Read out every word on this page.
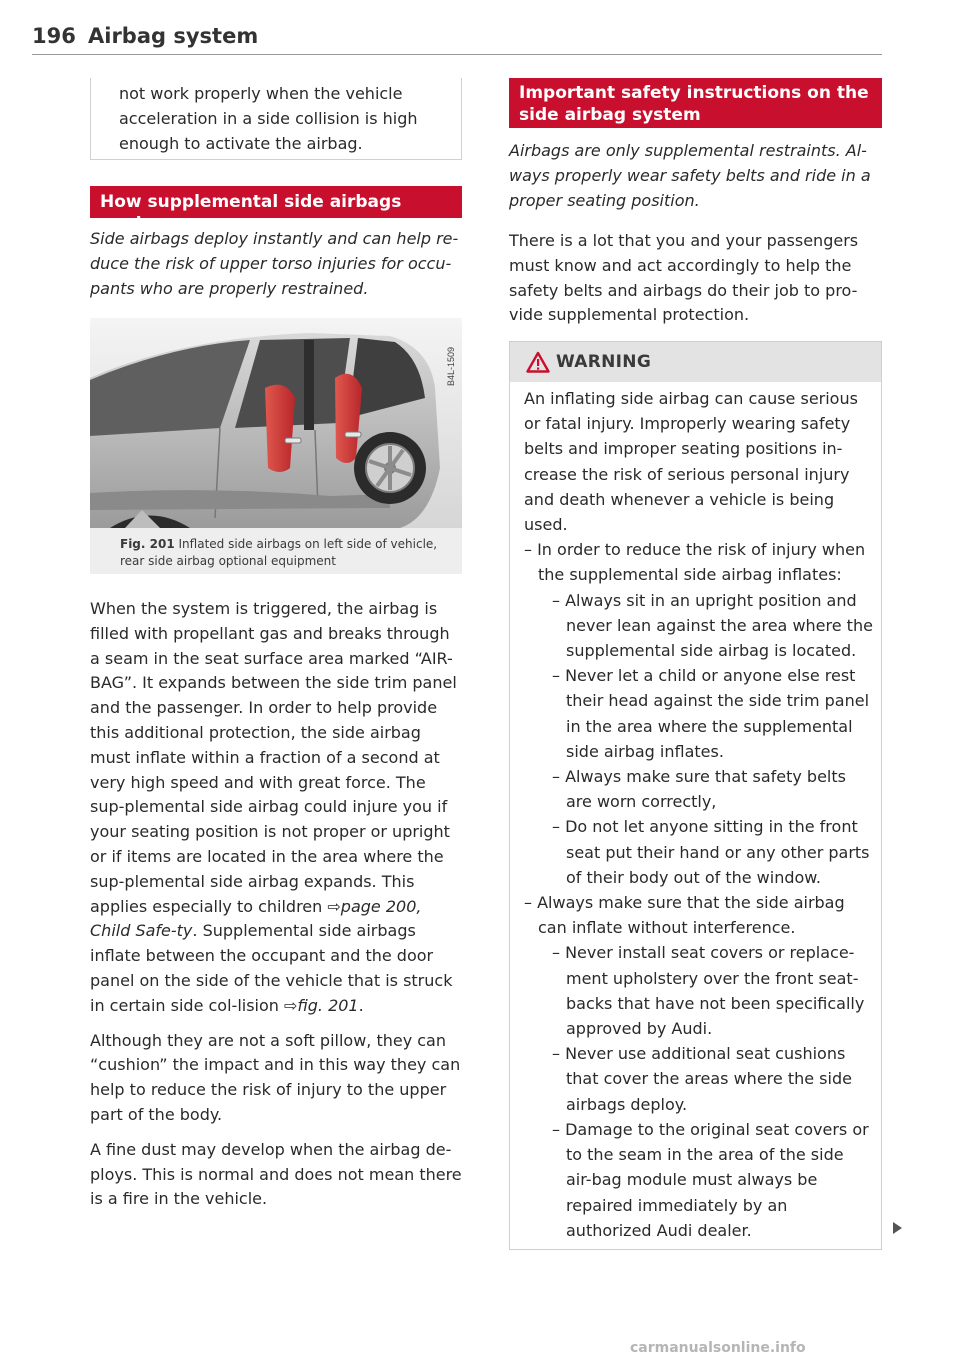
196 Airbag system
not work properly when the vehicle acceleration in a side collision is high enough to activate the airbag.
How supplemental side airbags work
Side airbags deploy instantly and can help re-duce the risk of upper torso injuries for occu-pants who are properly restrained.
B4L-1509
Fig. 201 Inflated side airbags on left side of vehicle, rear side airbag optional equipment

When the system is triggered, the airbag is filled with propellant gas and breaks through a seam in the seat surface area marked “AIR-BAG”. It expands between the side trim panel and the passenger. In order to help provide this additional protection, the side airbag must inflate within a fraction of a second at very high speed and with great force. The sup-plemental side airbag could injure you if your seating position is not proper or upright or if items are located in the area where the sup-plemental side airbag expands. This applies especially to children ⇨page 200, Child Safe-ty. Supplemental side airbags inflate between the occupant and the door panel on the side of the vehicle that is struck in certain side col-lision ⇨fig. 201.

Although they are not a soft pillow, they can “cushion” the impact and in this way they can help to reduce the risk of injury to the upper part of the body.

A fine dust may develop when the airbag de-ploys. This is normal and does not mean there is a fire in the vehicle.

Important safety instructions on the side airbag system
Airbags are only supplemental restraints. Al-ways properly wear safety belts and ride in a proper seating position.
There is a lot that you and your passengers must know and act accordingly to help the safety belts and airbags do their job to pro-vide supplemental protection.
WARNING
An inflating side airbag can cause serious or fatal injury. Improperly wearing safety belts and improper seating positions in-crease the risk of serious personal injury and death whenever a vehicle is being used.
– In order to reduce the risk of injury when the supplemental side airbag inflates:
– Always sit in an upright position and never lean against the area where the supplemental side airbag is located.
– Never let a child or anyone else rest their head against the side trim panel in the area where the supplemental side airbag inflates.
– Always make sure that safety belts are worn correctly,
– Do not let anyone sitting in the front seat put their hand or any other parts of their body out of the window.
– Always make sure that the side airbag can inflate without interference.
– Never install seat covers or replace-ment upholstery over the front seat-backs that have not been specifically approved by Audi.
– Never use additional seat cushions that cover the areas where the side airbags deploy.
– Damage to the original seat covers or to the seam in the area of the side air-bag module must always be repaired immediately by an authorized Audi dealer.
carmanualsonline.info
